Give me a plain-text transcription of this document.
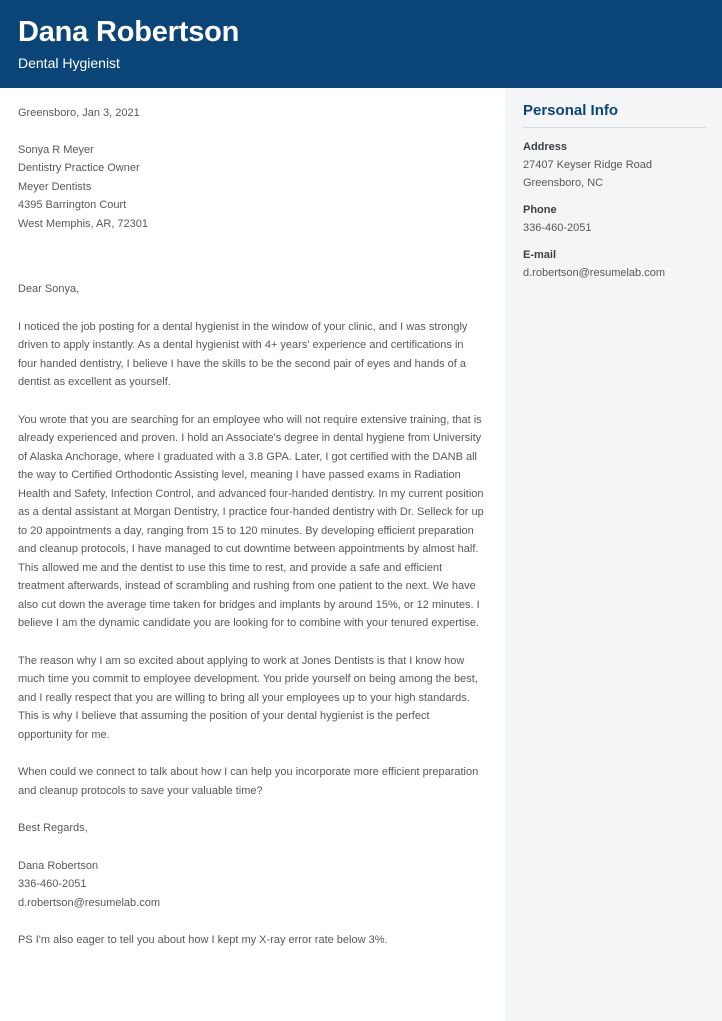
Dana Robertson

Dental Hygienist

Greensboro, Jan 3, 2021
Sonya R Meyer
Dentistry Practice Owner
Meyer Dentists
4395 Barrington Court
West Memphis, AR, 72301
Dear Sonya,

I noticed the job posting for a dental hygienist in the window of your clinic, and I was strongly driven to apply instantly. As a dental hygienist with 4+ years' experience and certifications in four handed dentistry, I believe I have the skills to be the second pair of eyes and hands of a dentist as excellent as yourself.

You wrote that you are searching for an employee who will not require extensive training, that is already experienced and proven. I hold an Associate's degree in dental hygiene from University of Alaska Anchorage, where I graduated with a 3.8 GPA. Later, I got certified with the DANB all the way to Certified Orthodontic Assisting level, meaning I have passed exams in Radiation Health and Safety, Infection Control, and advanced four-handed dentistry. In my current position as a dental assistant at Morgan Dentistry, I practice four-handed dentistry with Dr. Selleck for up to 20 appointments a day, ranging from 15 to 120 minutes. By developing efficient preparation and cleanup protocols, I have managed to cut downtime between appointments by almost half. This allowed me and the dentist to use this time to rest, and provide a safe and efficient treatment afterwards, instead of scrambling and rushing from one patient to the next. We have also cut down the average time taken for bridges and implants by around 15%, or 12 minutes. I believe I am the dynamic candidate you are looking for to combine with your tenured expertise.

The reason why I am so excited about applying to work at Jones Dentists is that I know how much time you commit to employee development. You pride yourself on being among the best, and I really respect that you are willing to bring all your employees up to your high standards. This is why I believe that assuming the position of your dental hygienist is the perfect opportunity for me.

When could we connect to talk about how I can help you incorporate more efficient preparation and cleanup protocols to save your valuable time?

Best Regards,
Dana Robertson
336-460-2051
d.robertson@resumelab.com
PS I'm also eager to tell you about how I kept my X-ray error rate below 3%.
Personal Info
Address
27407 Keyser Ridge Road
Greensboro, NC
Phone
336-460-2051
E-mail
d.robertson@resumelab.com
